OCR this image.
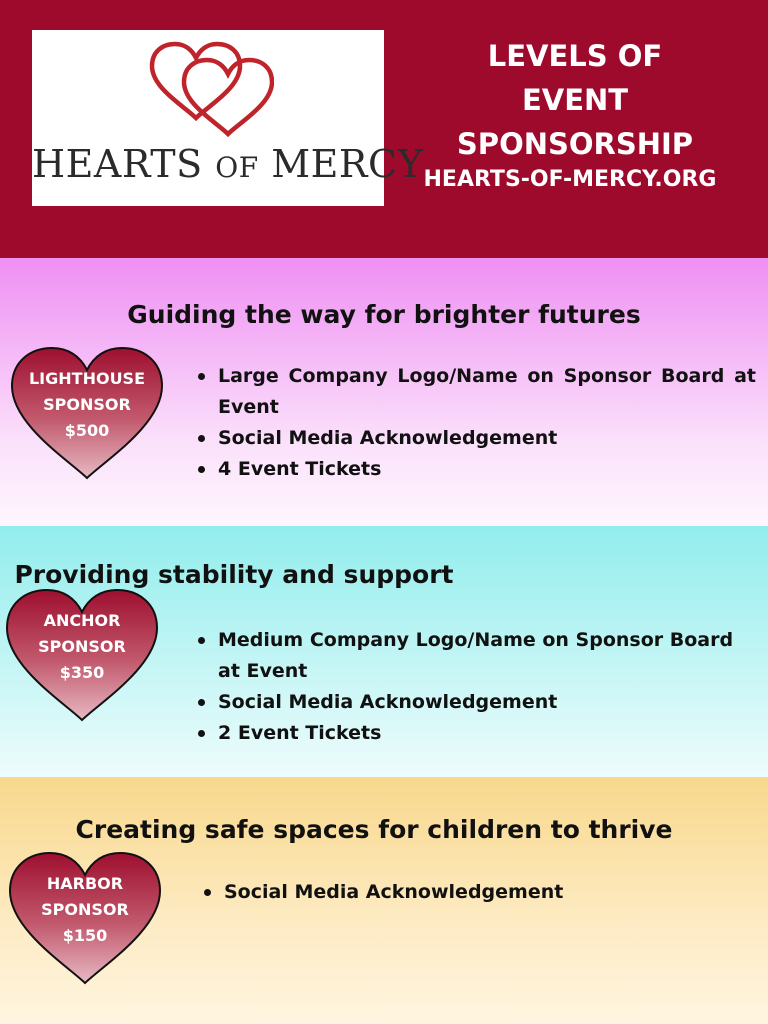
HEARTS OF MERCY
LEVELS OF
EVENT
SPONSORSHIP
HEARTS-OF-MERCY.ORG
Guiding the way for brighter futures
LIGHTHOUSE
SPONSOR
$500
Large Company Logo/Name on Sponsor Board at Event
Social Media Acknowledgement
4 Event Tickets
Providing stability and support
ANCHOR
SPONSOR
$350
Medium Company Logo/Name on Sponsor Board at Event
Social Media Acknowledgement
2 Event Tickets
Creating safe spaces for children to thrive
HARBOR
SPONSOR
$150
Social Media Acknowledgement
